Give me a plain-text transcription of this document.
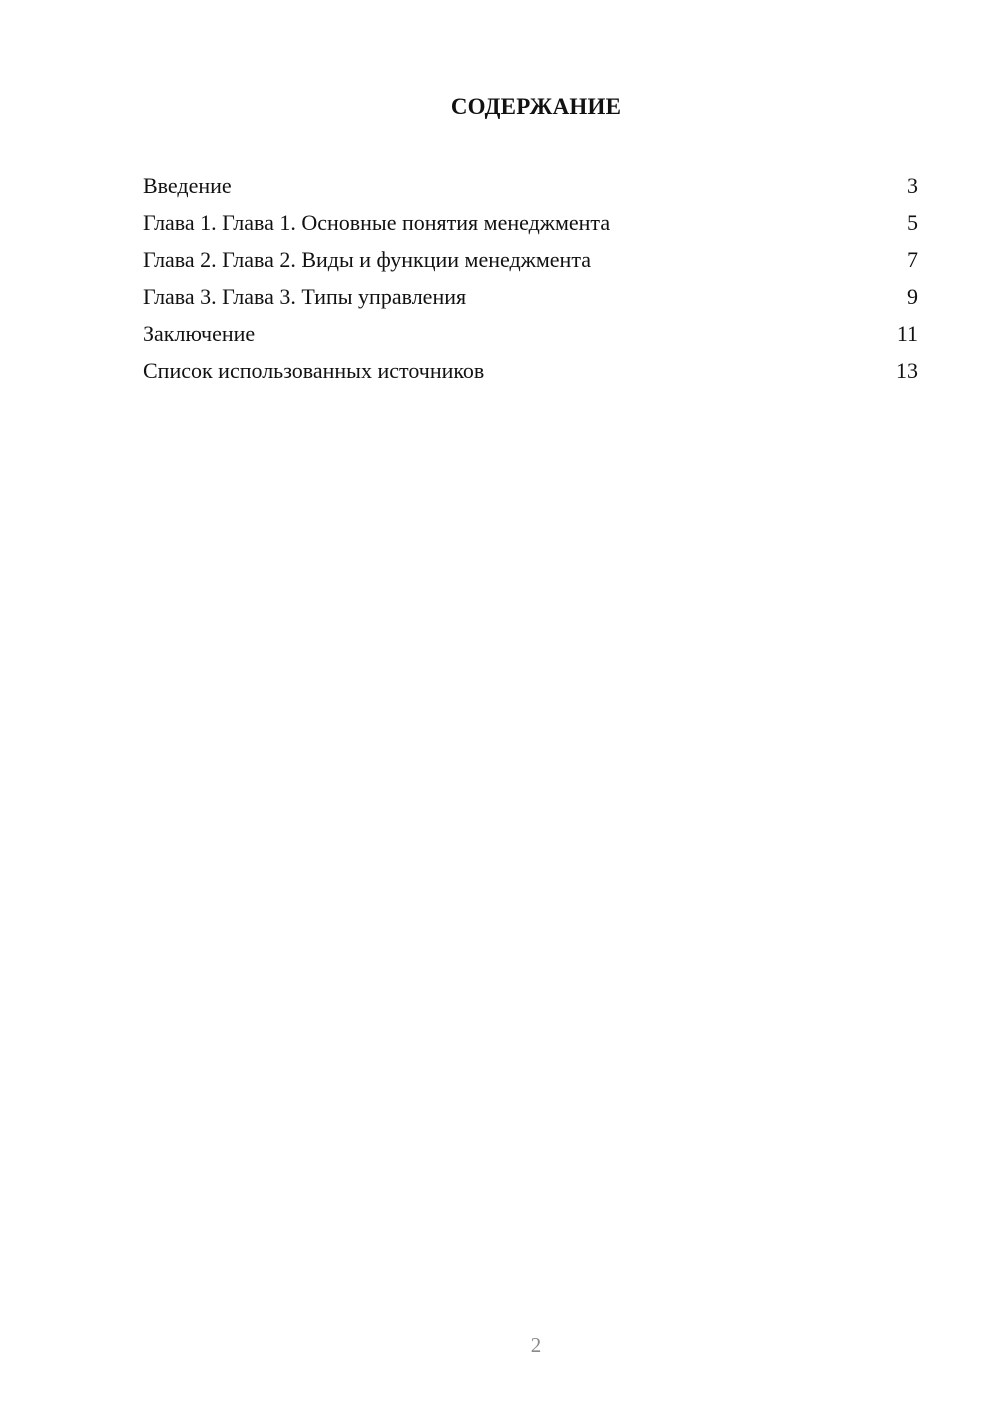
СОДЕРЖАНИЕ
Введение	3
Глава 1. Глава 1. Основные понятия менеджмента	5
Глава 2. Глава 2. Виды и функции менеджмента	7
Глава 3. Глава 3. Типы управления	9
Заключение	11
Список использованных источников	13
2
